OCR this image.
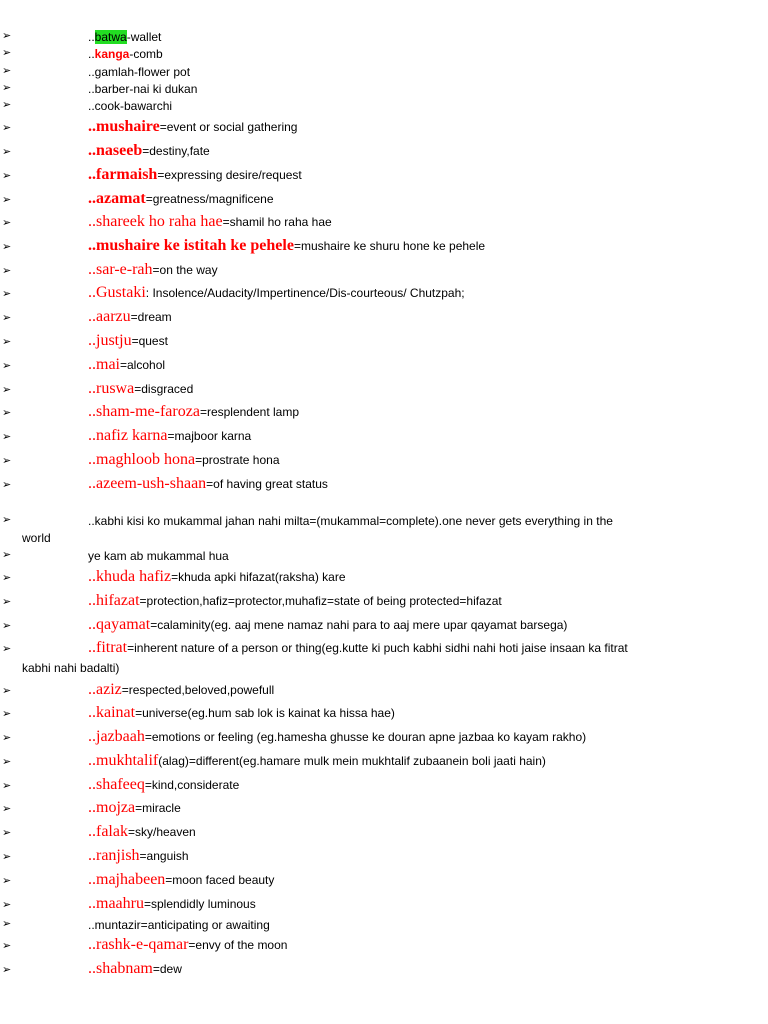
➢	..batwa-wallet
➢	..kanga-comb
➢	..gamlah-flower pot
➢	..barber-nai ki dukan
➢	..cook-bawarchi
➢	..mushaire=event or social gathering
➢	..naseeb=destiny,fate
➢	..farmaish=expressing desire/request
➢	..azamat=greatness/magnificene
➢	..shareek ho raha hae=shamil ho raha hae
➢	..mushaire ke istitah ke pehele=mushaire ke shuru hone ke pehele
➢	..sar-e-rah=on the way
➢	..Gustaki: Insolence/Audacity/Impertinence/Dis-courteous/ Chutzpah;
➢	..aarzu=dream
➢	..justju=quest
➢	..mai=alcohol
➢	..ruswa=disgraced
➢	..sham-me-faroza=resplendent lamp
➢	..nafiz karna=majboor karna
➢	..maghloob hona=prostrate hona
➢	..azeem-ush-shaan=of having great status
➢	..kabhi kisi ko mukammal jahan nahi milta=(mukammal=complete).one never gets everything in the
world
➢	ye kam ab mukammal hua
➢	..khuda hafiz=khuda apki hifazat(raksha) kare
➢	..hifazat=protection,hafiz=protector,muhafiz=state of being protected=hifazat
➢	..qayamat=calaminity(eg. aaj mene namaz nahi para to aaj mere upar qayamat barsega)
➢	..fitrat=inherent nature of a person or thing(eg.kutte ki puch kabhi sidhi nahi hoti jaise insaan ka fitrat
kabhi nahi badalti)
➢	..aziz=respected,beloved,powefull
➢	..kainat=universe(eg.hum sab lok is kainat ka hissa hae)
➢	..jazbaah=emotions or feeling (eg.hamesha ghusse ke douran apne jazbaa ko kayam rakho)
➢	..mukhtalif(alag)=different(eg.hamare mulk mein mukhtalif zubaanein boli jaati hain)
➢	..shafeeq=kind,considerate
➢	..mojza=miracle
➢	..falak=sky/heaven
➢	..ranjish=anguish
➢	..majhabeen=moon faced beauty
➢	..maahru=splendidly luminous
➢	..muntazir=anticipating or awaiting
➢	..rashk-e-qamar=envy of the moon
➢	..shabnam=dew
